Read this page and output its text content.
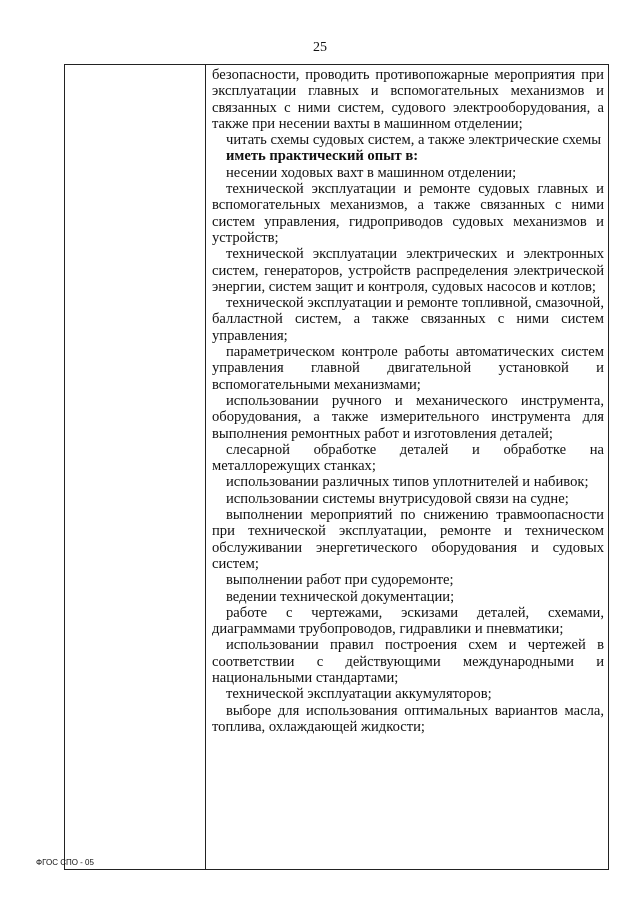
25

безопасности, проводить противопожарные мероприятия при эксплуатации главных и вспомогательных механизмов и связанных с ними систем, судового электрооборудования, а также при несении вахты в машинном отделении;

читать схемы судовых систем, а также электрические схемы

иметь практический опыт в:

несении ходовых вахт в машинном отделении;

технической эксплуатации и ремонте судовых главных и вспомогательных механизмов, а также связанных с ними систем управления, гидроприводов судовых механизмов и устройств;

технической эксплуатации электрических и электронных систем, генераторов, устройств распределения электрической энергии, систем защит и контроля, судовых насосов и котлов;

технической эксплуатации и ремонте топливной, смазочной, балластной систем, а также связанных с ними систем управления;

параметрическом контроле работы автоматических систем управления главной двигательной установкой и вспомогательными механизмами;

использовании ручного и механического инструмента, оборудования, а также измерительного инструмента для выполнения ремонтных работ и изготовления деталей;

слесарной обработке деталей и обработке на металлорежущих станках;

использовании различных типов уплотнителей и набивок;

использовании системы внутрисудовой связи на судне;

выполнении мероприятий по снижению травмоопасности при технической эксплуатации, ремонте и техническом обслуживании энергетического оборудования и судовых систем;

выполнении работ при судоремонте;

ведении технической документации;

работе с чертежами, эскизами деталей, схемами, диаграммами трубопроводов, гидравлики и пневматики;

использовании правил построения схем и чертежей в соответствии с действующими международными и национальными стандартами;

технической эксплуатации аккумуляторов;

выборе для использования оптимальных вариантов масла, топлива, охлаждающей жидкости;

ФГОС СПО - 05
